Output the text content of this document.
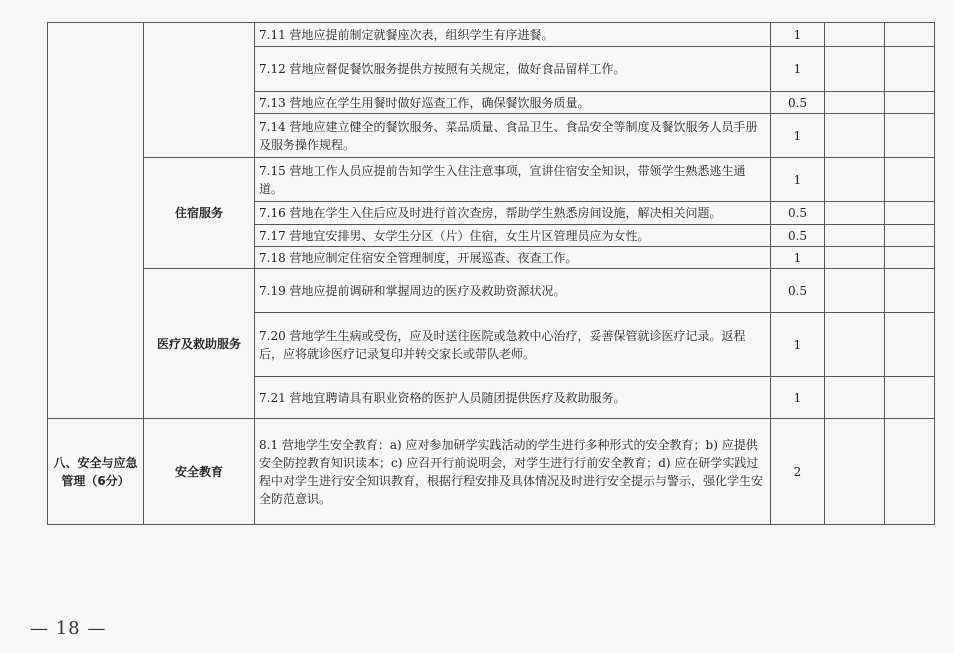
		7.11 营地应提前制定就餐座次表，组织学生有序进餐。	1		
		7.12 营地应督促餐饮服务提供方按照有关规定，做好食品留样工作。	1		
		7.13 营地应在学生用餐时做好巡查工作，确保餐饮服务质量。	0.5		
		7.14 营地应建立健全的餐饮服务、菜品质量、食品卫生、食品安全等制度及餐饮服务人员手册及服务操作规程。	1		
	住宿服务	7.15 营地工作人员应提前告知学生入住注意事项，宣讲住宿安全知识，带领学生熟悉逃生通道。	1		
		7.16 营地在学生入住后应及时进行首次查房，帮助学生熟悉房间设施，解决相关问题。	0.5		
		7.17 营地宜安排男、女学生分区（片）住宿，女生片区管理员应为女性。	0.5		
		7.18 营地应制定住宿安全管理制度，开展巡查、夜查工作。	1		
	医疗及救助服务	7.19 营地应提前调研和掌握周边的医疗及救助资源状况。	0.5		
		7.20 营地学生生病或受伤，应及时送往医院或急救中心治疗，妥善保管就诊医疗记录。返程后，应将就诊医疗记录复印并转交家长或带队老师。	1		
		7.21 营地宜聘请具有职业资格的医护人员随团提供医疗及救助服务。	1		
八、安全与应急管理（6分）	安全教育	8.1 营地学生安全教育：a) 应对参加研学实践活动的学生进行多种形式的安全教育；b) 应提供安全防控教育知识读本；c) 应召开行前说明会，对学生进行行前安全教育；d) 应在研学实践过程中对学生进行安全知识教育，根据行程安排及具体情况及时进行安全提示与警示，强化学生安全防范意识。	2		
— 18 —
